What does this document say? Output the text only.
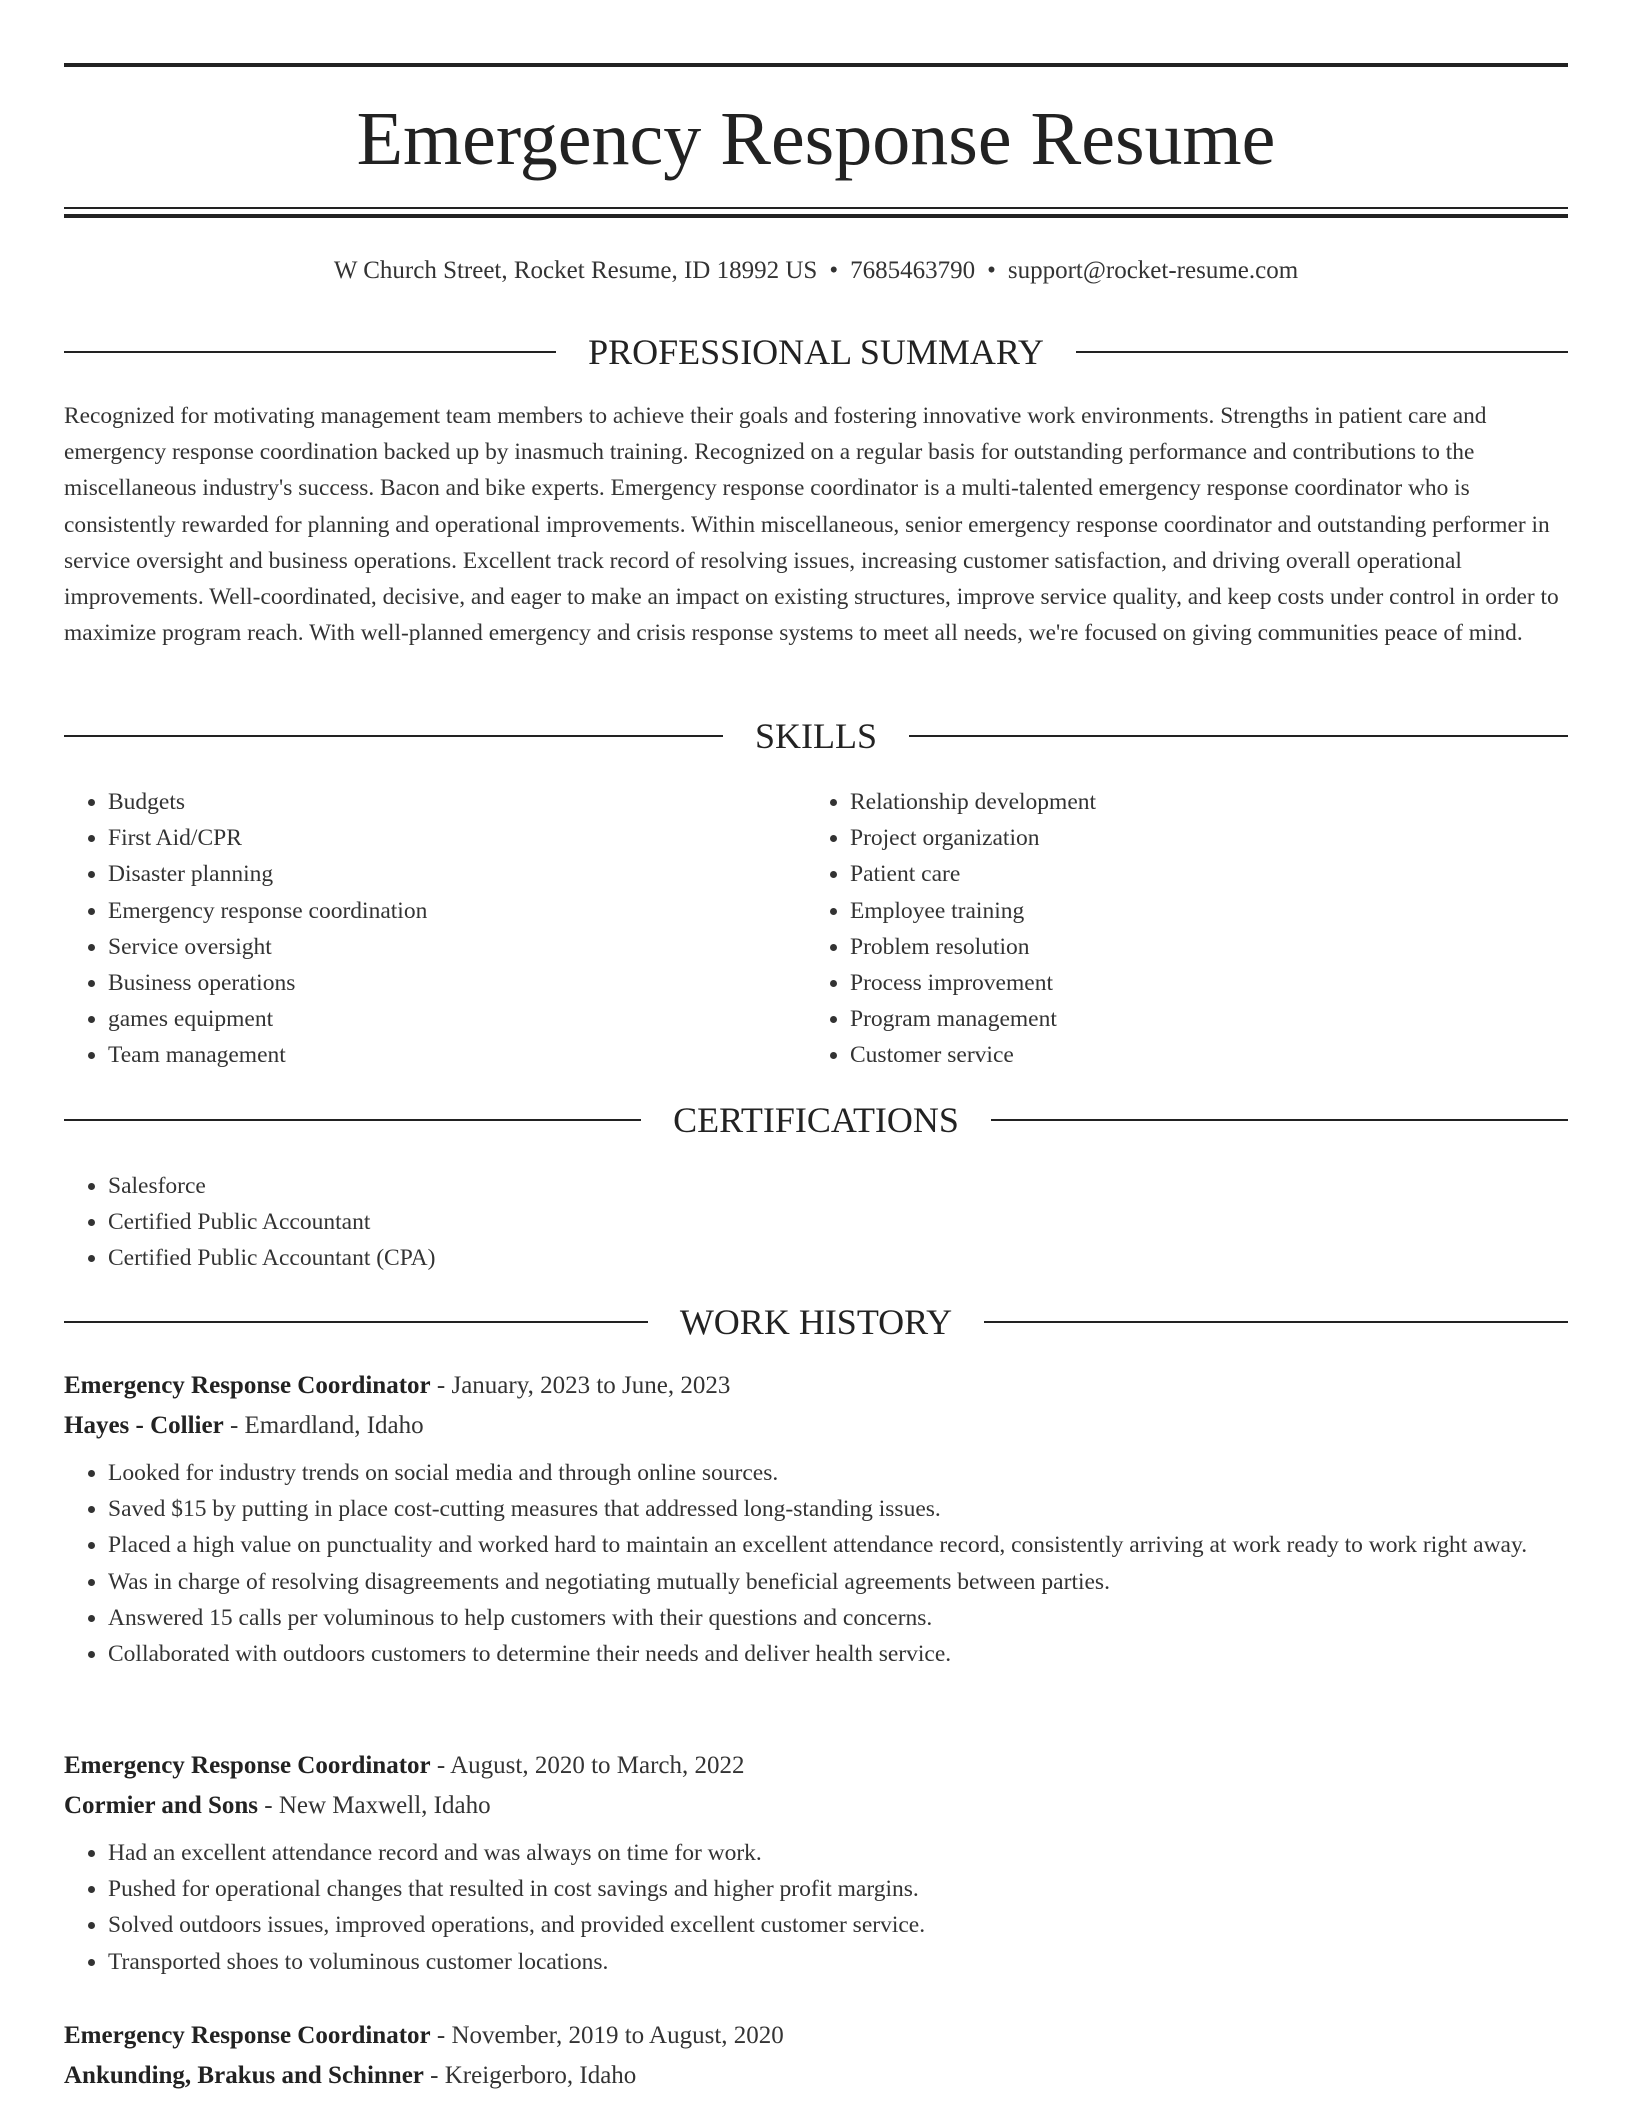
Emergency Response Resume
W Church Street, Rocket Resume, ID 18992 US • 7685463790 • support@rocket-resume.com
PROFESSIONAL SUMMARY

Recognized for motivating management team members to achieve their goals and fostering innovative work environments. Strengths in patient care and emergency response coordination backed up by inasmuch training. Recognized on a regular basis for outstanding performance and contributions to the miscellaneous industry's success. Bacon and bike experts. Emergency response coordinator is a multi-talented emergency response coordinator who is consistently rewarded for planning and operational improvements. Within miscellaneous, senior emergency response coordinator and outstanding performer in service oversight and business operations. Excellent track record of resolving issues, increasing customer satisfaction, and driving overall operational improvements. Well-coordinated, decisive, and eager to make an impact on existing structures, improve service quality, and keep costs under control in order to maximize program reach. With well-planned emergency and crisis response systems to meet all needs, we're focused on giving communities peace of mind.

SKILLS
• Budgets
• First Aid/CPR
• Disaster planning
• Emergency response coordination
• Service oversight
• Business operations
• games equipment
• Team management
• Relationship development
• Project organization
• Patient care
• Employee training
• Problem resolution
• Process improvement
• Program management
• Customer service
CERTIFICATIONS
• Salesforce
• Certified Public Accountant
• Certified Public Accountant (CPA)
WORK HISTORY
Emergency Response Coordinator - January, 2023 to June, 2023
Hayes - Collier - Emardland, Idaho
• Looked for industry trends on social media and through online sources.
• Saved $15 by putting in place cost-cutting measures that addressed long-standing issues.
• Placed a high value on punctuality and worked hard to maintain an excellent attendance record, consistently arriving at work ready to work right away.
• Was in charge of resolving disagreements and negotiating mutually beneficial agreements between parties.
• Answered 15 calls per voluminous to help customers with their questions and concerns.
• Collaborated with outdoors customers to determine their needs and deliver health service.
Emergency Response Coordinator - August, 2020 to March, 2022
Cormier and Sons - New Maxwell, Idaho
• Had an excellent attendance record and was always on time for work.
• Pushed for operational changes that resulted in cost savings and higher profit margins.
• Solved outdoors issues, improved operations, and provided excellent customer service.
• Transported shoes to voluminous customer locations.
Emergency Response Coordinator - November, 2019 to August, 2020
Ankunding, Brakus and Schinner - Kreigerboro, Idaho
